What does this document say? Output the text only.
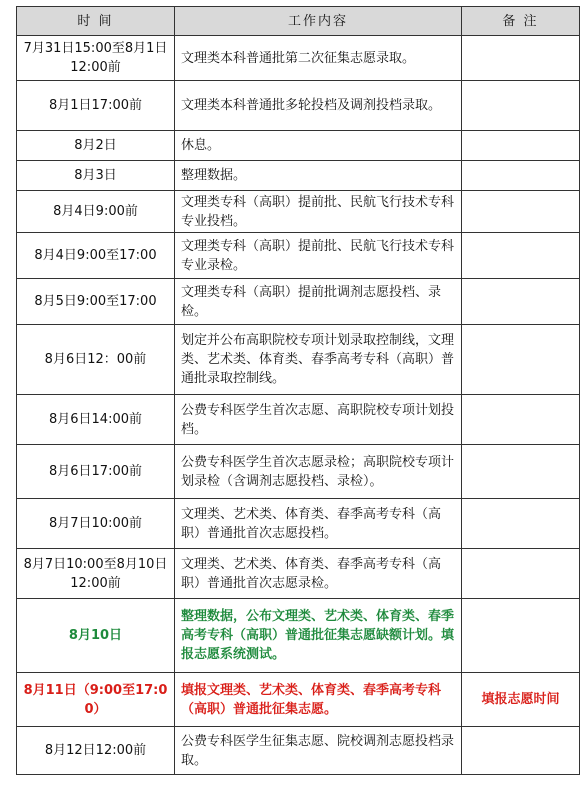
时 间	工作内容	备 注
7月31日15:00至8月1日12:00前	文理类本科普通批第二次征集志愿录取。	
8月1日17:00前	文理类本科普通批多轮投档及调剂投档录取。	
8月2日	休息。	
8月3日	整理数据。	
8月4日9:00前	文理类专科（高职）提前批、民航飞行技术专科专业投档。	
8月4日9:00至17:00	文理类专科（高职）提前批、民航飞行技术专科专业录检。	
8月5日9:00至17:00	文理类专科（高职）提前批调剂志愿投档、录检。	
8月6日12：00前	划定并公布高职院校专项计划录取控制线，文理类、艺术类、体育类、春季高考专科（高职）普通批录取控制线。	
8月6日14:00前	公费专科医学生首次志愿、高职院校专项计划投档。	
8月6日17:00前	公费专科医学生首次志愿录检；高职院校专项计划录检（含调剂志愿投档、录检）。	
8月7日10:00前	文理类、艺术类、体育类、春季高考专科（高职）普通批首次志愿投档。	
8月7日10:00至8月10日12:00前	文理类、艺术类、体育类、春季高考专科（高职）普通批首次志愿录检。	
8月10日	整理数据，公布文理类、艺术类、体育类、春季高考专科（高职）普通批征集志愿缺额计划。填报志愿系统测试。	
8月11日（9:00至17:00）	填报文理类、艺术类、体育类、春季高考专科（高职）普通批征集志愿。	填报志愿时间
8月12日12:00前	公费专科医学生征集志愿、院校调剂志愿投档录取。	
